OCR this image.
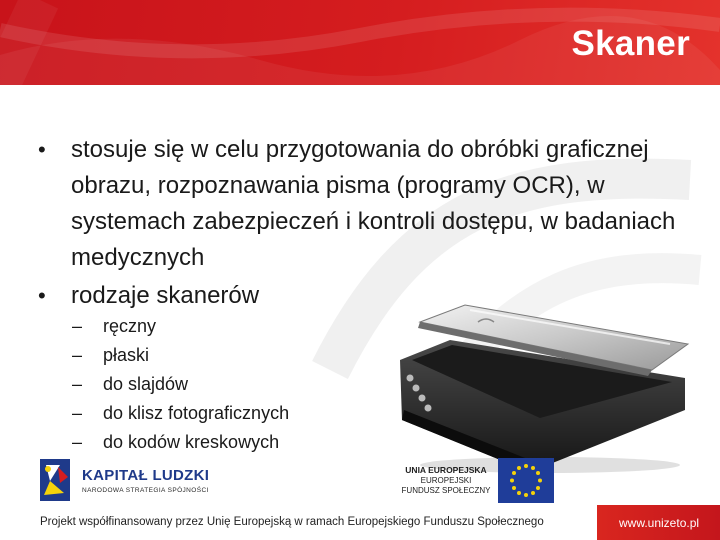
Skaner
• stosuje się w celu przygotowania do obróbki graficznej obrazu, rozpoznawania pisma (programy OCR), w systemach zabezpieczeń i kontroli dostępu, w badaniach medycznych
• rodzaje skanerów
– ręczny
– płaski
– do slajdów
– do klisz fotograficznych
– do kodów kreskowych
KAPITAŁ LUDZKI
NARODOWA STRATEGIA SPÓJNOŚCI
UNIA EUROPEJSKA
EUROPEJSKI
FUNDUSZ SPOŁECZNY
Projekt współfinansowany przez Unię Europejską w ramach Europejskiego Funduszu Społecznego	www.unizeto.pl
